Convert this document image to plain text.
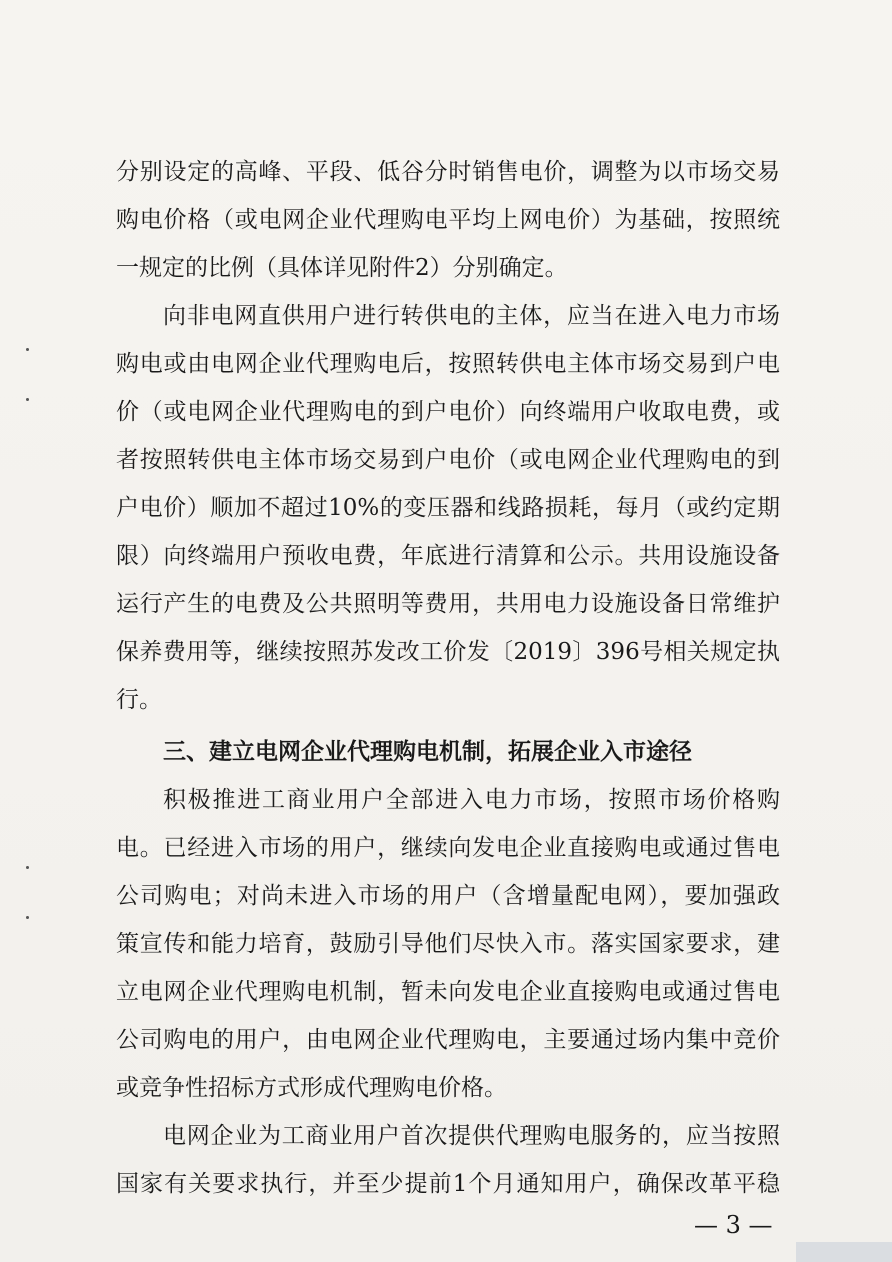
分别设定的高峰、平段、低谷分时销售电价，调整为以市场交易
购电价格（或电网企业代理购电平均上网电价）为基础，按照统
一规定的比例（具体详见附件2）分别确定。
向非电网直供用户进行转供电的主体，应当在进入电力市场
购电或由电网企业代理购电后，按照转供电主体市场交易到户电
价（或电网企业代理购电的到户电价）向终端用户收取电费，或
者按照转供电主体市场交易到户电价（或电网企业代理购电的到
户电价）顺加不超过10%的变压器和线路损耗，每月（或约定期
限）向终端用户预收电费，年底进行清算和公示。共用设施设备
运行产生的电费及公共照明等费用，共用电力设施设备日常维护
保养费用等，继续按照苏发改工价发〔2019〕396号相关规定执
行。
三、建立电网企业代理购电机制，拓展企业入市途径
积极推进工商业用户全部进入电力市场，按照市场价格购
电。已经进入市场的用户，继续向发电企业直接购电或通过售电
公司购电；对尚未进入市场的用户（含增量配电网），要加强政
策宣传和能力培育，鼓励引导他们尽快入市。落实国家要求，建
立电网企业代理购电机制，暂未向发电企业直接购电或通过售电
公司购电的用户，由电网企业代理购电，主要通过场内集中竞价
或竞争性招标方式形成代理购电价格。
电网企业为工商业用户首次提供代理购电服务的，应当按照
国家有关要求执行，并至少提前1个月通知用户，确保改革平稳
— 3 —
